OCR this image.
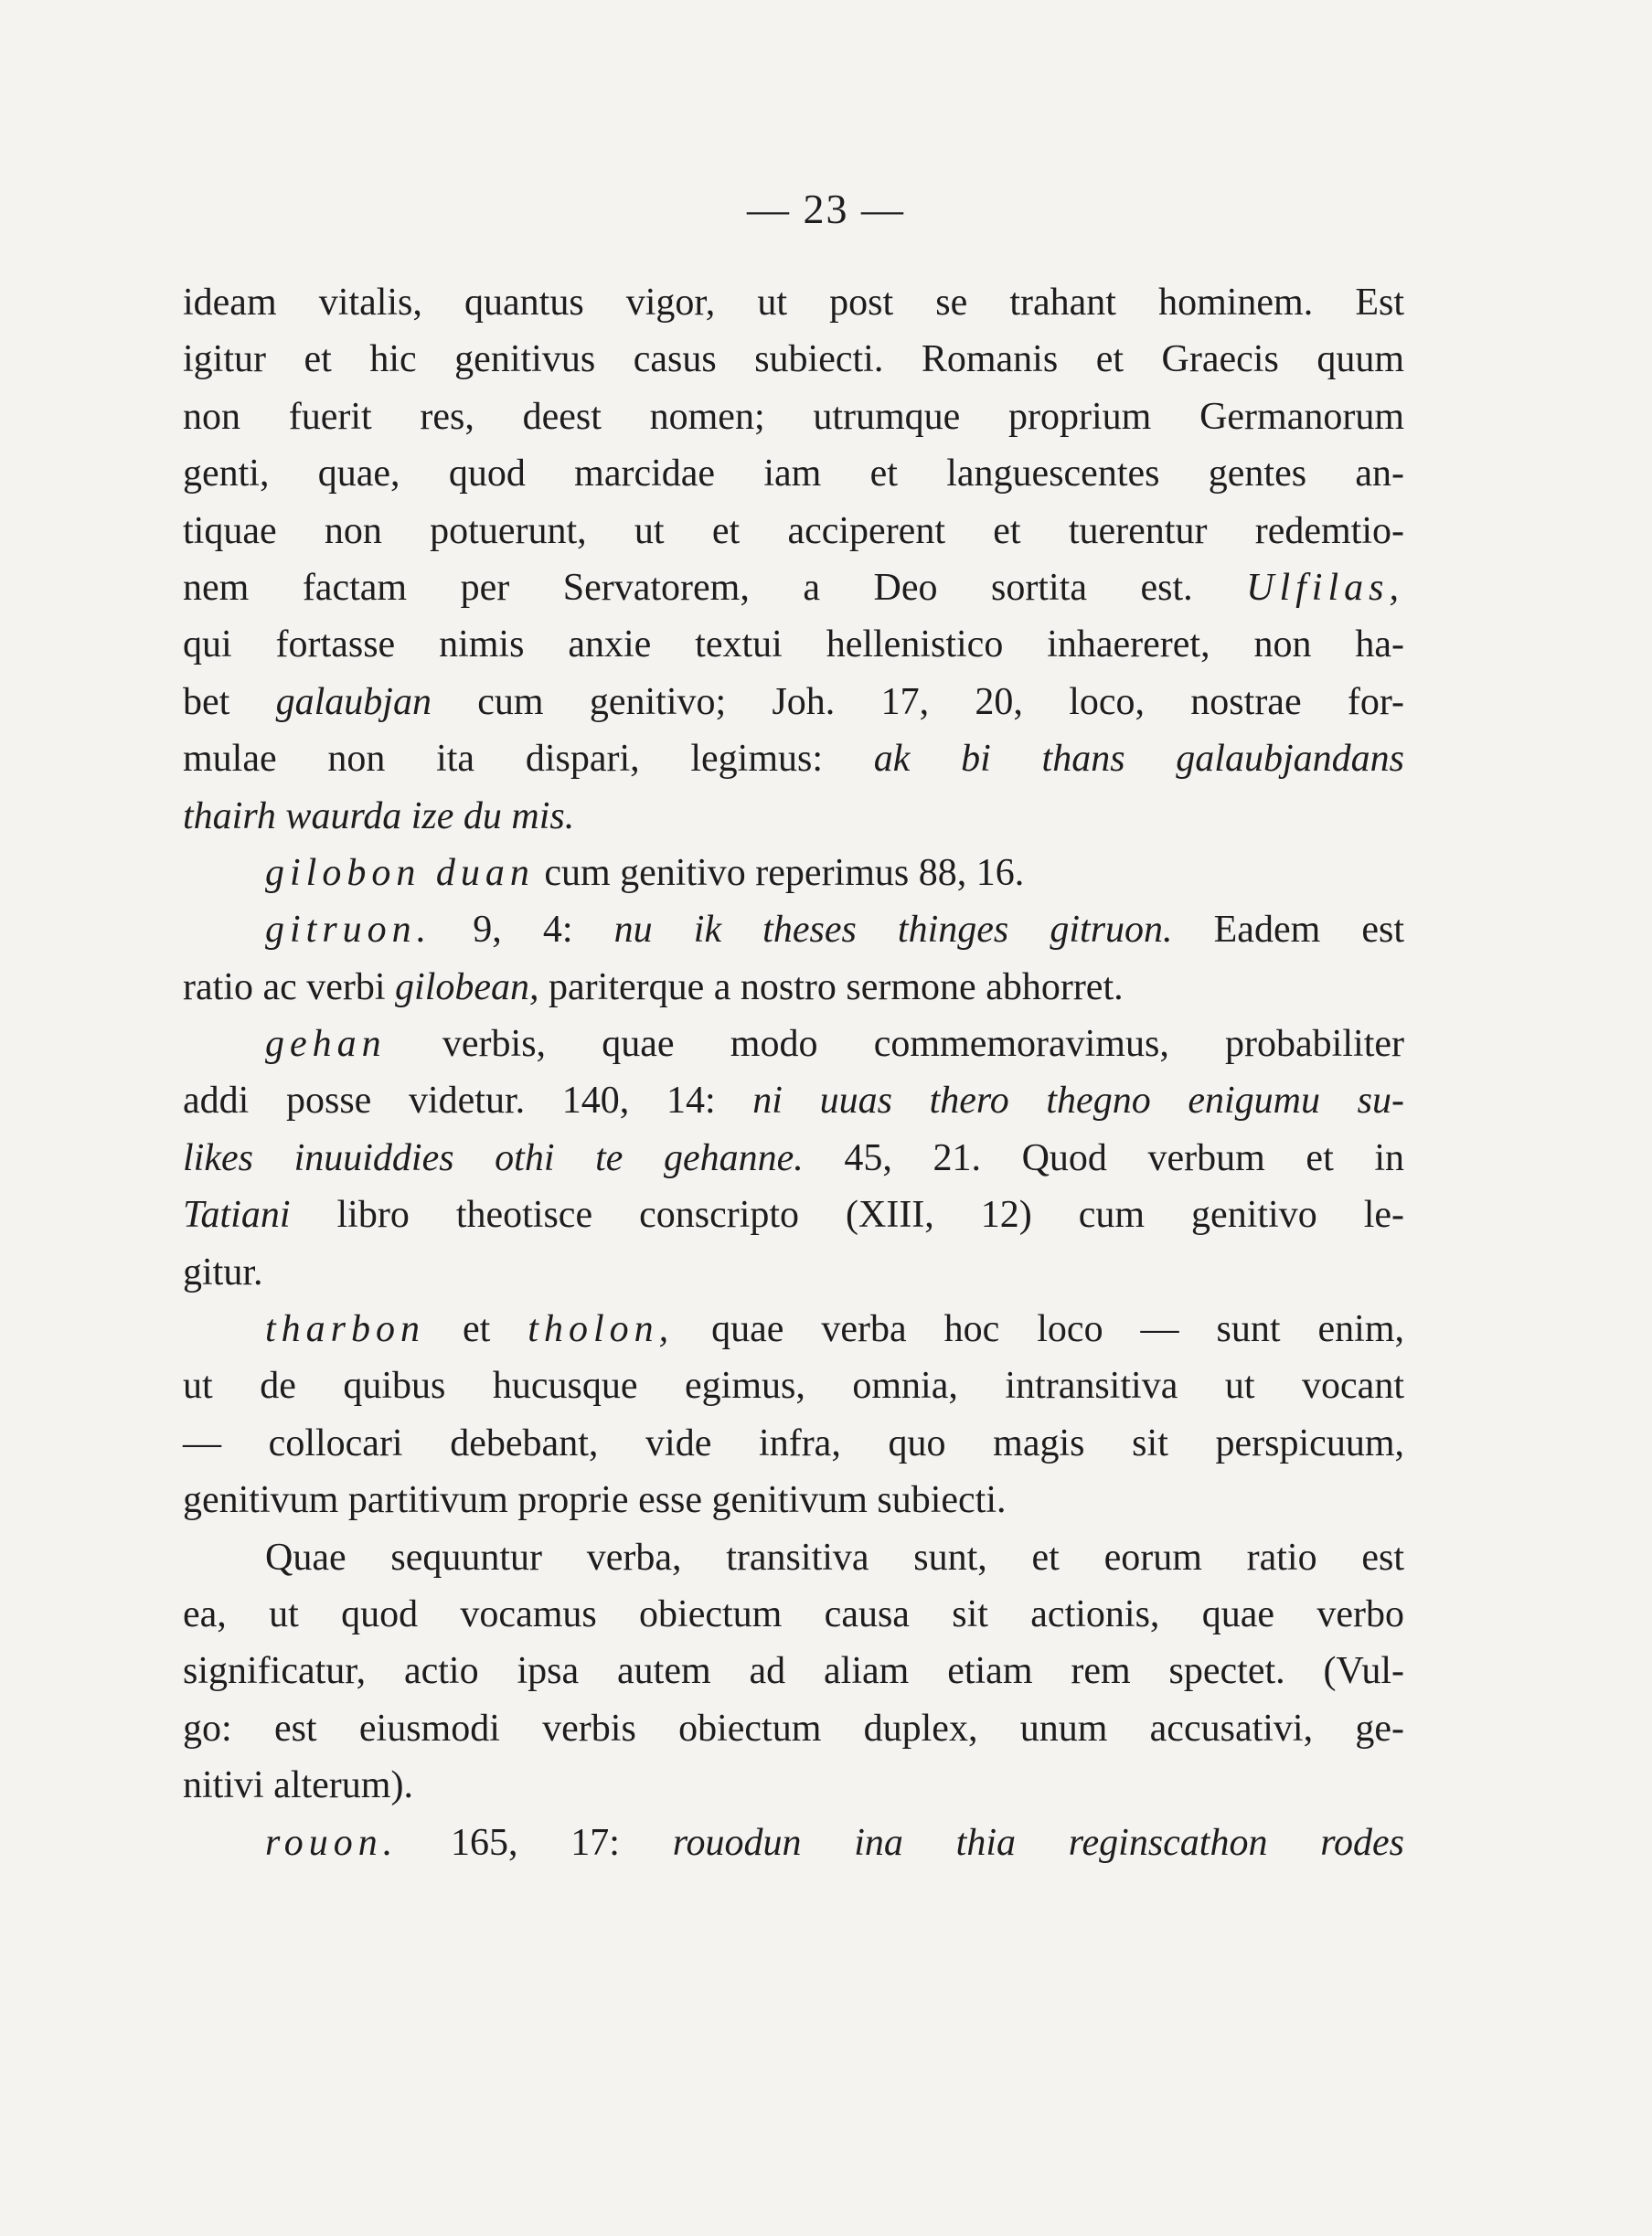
— 23 —
ideam vitalis, quantus vigor, ut post se trahant hominem. Est
igitur et hic genitivus casus subiecti. Romanis et Graecis quum
non fuerit res, deest nomen; utrumque proprium Germanorum
genti, quae, quod marcidae iam et languescentes gentes an-
tiquae non potuerunt, ut et acciperent et tuerentur redemtio-
nem factam per Servatorem, a Deo sortita est. Ulfilas,
qui fortasse nimis anxie textui hellenistico inhaereret, non ha-
bet galaubjan cum genitivo; Joh. 17, 20, loco, nostrae for-
mulae non ita dispari, legimus: ak bi thans galaubjandans
thairh waurda ize du mis.
gilobon duan cum genitivo reperimus 88, 16.
gitruon. 9, 4: nu ik theses thinges gitruon. Eadem est
ratio ac verbi gilobean, pariterque a nostro sermone abhorret.
gehan verbis, quae modo commemoravimus, probabiliter
addi posse videtur. 140, 14: ni uuas thero thegno enigumu su-
likes inuuiddies othi te gehanne. 45, 21. Quod verbum et in
Tatiani libro theotisce conscripto (XIII, 12) cum genitivo le-
gitur.
tharbon et tholon, quae verba hoc loco — sunt enim,
ut de quibus hucusque egimus, omnia, intransitiva ut vocant
— collocari debebant, vide infra, quo magis sit perspicuum,
genitivum partitivum proprie esse genitivum subiecti.
Quae sequuntur verba, transitiva sunt, et eorum ratio est
ea, ut quod vocamus obiectum causa sit actionis, quae verbo
significatur, actio ipsa autem ad aliam etiam rem spectet. (Vul-
go: est eiusmodi verbis obiectum duplex, unum accusativi, ge-
nitivi alterum).
rouon. 165, 17: rouodun ina thia reginscathon rodes
